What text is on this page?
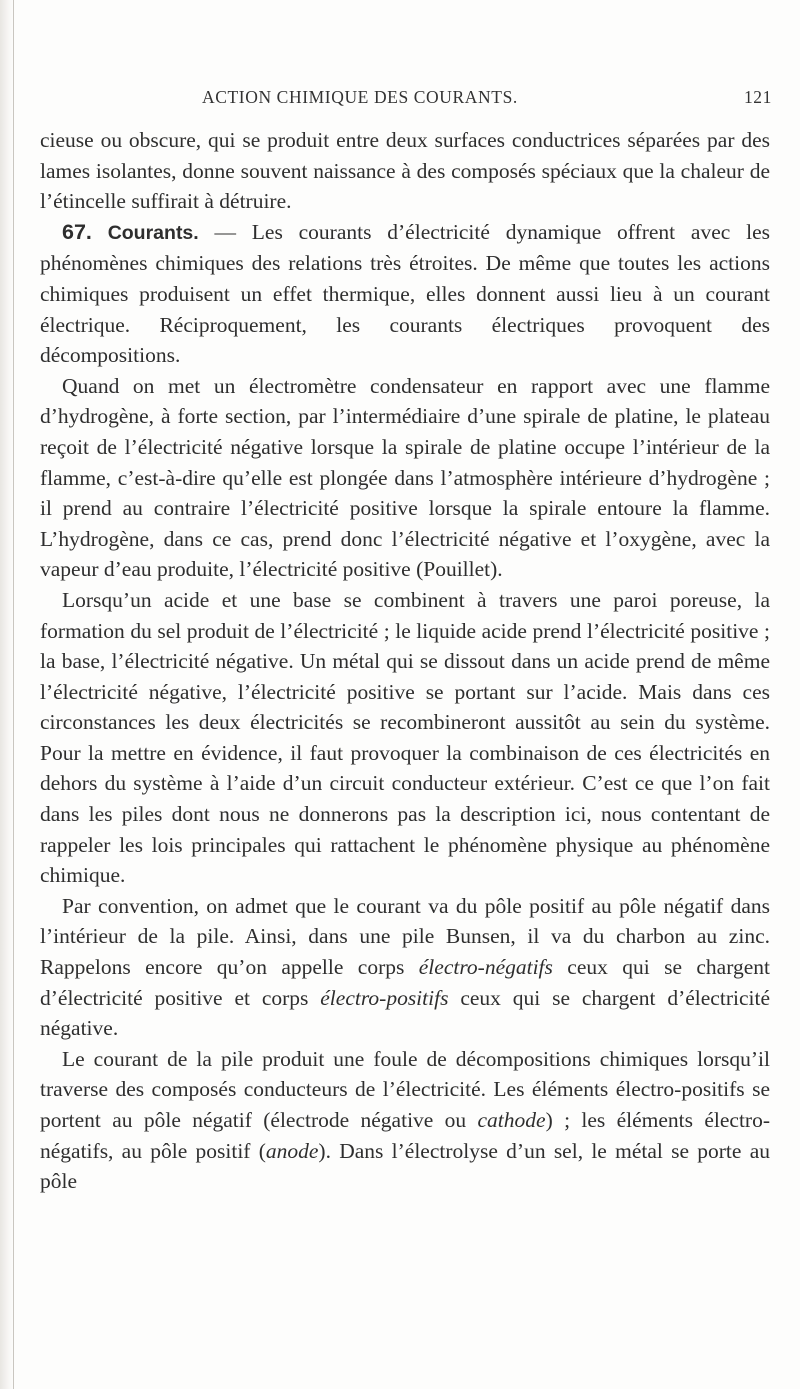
ACTION CHIMIQUE DES COURANTS.	121

cieuse ou obscure, qui se produit entre deux surfaces conductrices séparées par des lames isolantes, donne souvent naissance à des composés spéciaux que la chaleur de l’étincelle suffirait à détruire.

67. Courants. — Les courants d’électricité dynamique offrent avec les phénomènes chimiques des relations très étroites. De même que toutes les actions chimiques produisent un effet thermique, elles donnent aussi lieu à un courant électrique. Réciproquement, les courants électriques provoquent des décompositions.

Quand on met un électromètre condensateur en rapport avec une flamme d’hydrogène, à forte section, par l’intermédiaire d’une spirale de platine, le plateau reçoit de l’électricité négative lorsque la spirale de platine occupe l’intérieur de la flamme, c’est-à-dire qu’elle est plongée dans l’atmosphère intérieure d’hydrogène ; il prend au contraire l’électricité positive lorsque la spirale entoure la flamme. L’hydrogène, dans ce cas, prend donc l’électricité négative et l’oxygène, avec la vapeur d’eau produite, l’électricité positive (Pouillet).

Lorsqu’un acide et une base se combinent à travers une paroi poreuse, la formation du sel produit de l’électricité ; le liquide acide prend l’électricité positive ; la base, l’électricité négative. Un métal qui se dissout dans un acide prend de même l’électricité négative, l’électricité positive se portant sur l’acide. Mais dans ces circonstances les deux électricités se recombineront aussitôt au sein du système. Pour la mettre en évidence, il faut provoquer la combinaison de ces électricités en dehors du système à l’aide d’un circuit conducteur extérieur. C’est ce que l’on fait dans les piles dont nous ne donnerons pas la description ici, nous contentant de rappeler les lois principales qui rattachent le phénomène physique au phénomène chimique.

Par convention, on admet que le courant va du pôle positif au pôle négatif dans l’intérieur de la pile. Ainsi, dans une pile Bunsen, il va du charbon au zinc. Rappelons encore qu’on appelle corps électro-négatifs ceux qui se chargent d’électricité positive et corps électro-positifs ceux qui se chargent d’électricité négative.

Le courant de la pile produit une foule de décompositions chimiques lorsqu’il traverse des composés conducteurs de l’électricité. Les éléments électro-positifs se portent au pôle négatif (électrode négative ou cathode) ; les éléments électro-négatifs, au pôle positif (anode). Dans l’électrolyse d’un sel, le métal se porte au pôle
